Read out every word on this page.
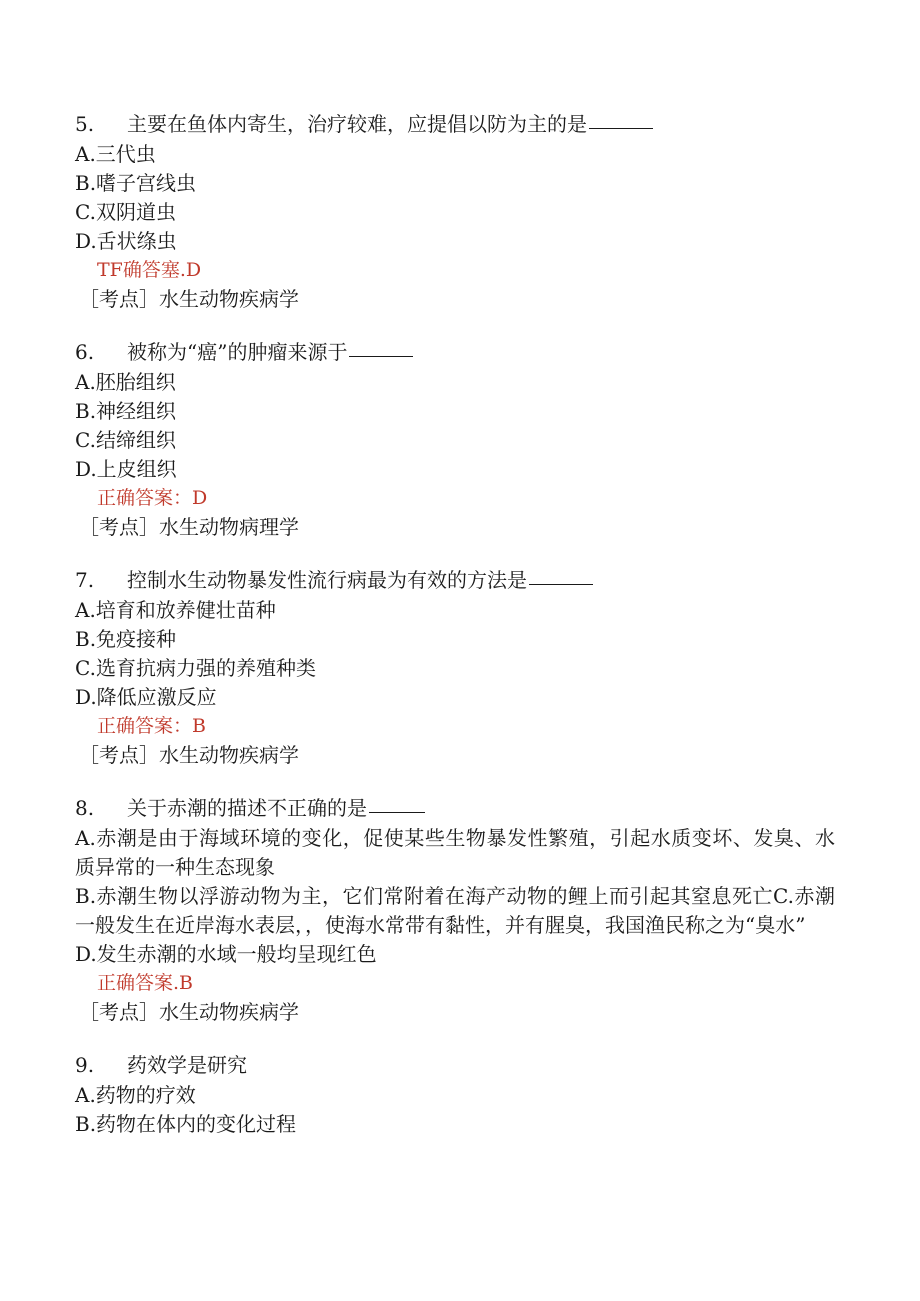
5.	主要在鱼体内寄生，治疗较难，应提倡以防为主的是
A.三代虫
B.嗜子宫线虫
C.双阴道虫
D.舌状绦虫
TF确答塞.D
［考点］水生动物疾病学
6.	被称为“癌”的肿瘤来源于
A.胚胎组织
B.神经组织
C.结缔组织
D.上皮组织
正确答案：D
［考点］水生动物病理学
7.	控制水生动物暴发性流行病最为有效的方法是
A.培育和放养健壮苗种
B.免疫接种
C.选育抗病力强的养殖种类
D.降低应激反应
正确答案：B
［考点］水生动物疾病学
8.	关于赤潮的描述不正确的是
A.赤潮是由于海域环境的变化，促使某些生物暴发性繁殖，引起水质变坏、发臭、水质异常的一种生态现象
B.赤潮生物以浮游动物为主，它们常附着在海产动物的鲤上而引起其窒息死亡C.赤潮一般发生在近岸海水表层，，使海水常带有黏性，并有腥臭，我国渔民称之为“臭水”
D.发生赤潮的水域一般均呈现红色
正确答案.B
［考点］水生动物疾病学
9.	药效学是研究
A.药物的疗效
B.药物在体内的变化过程
